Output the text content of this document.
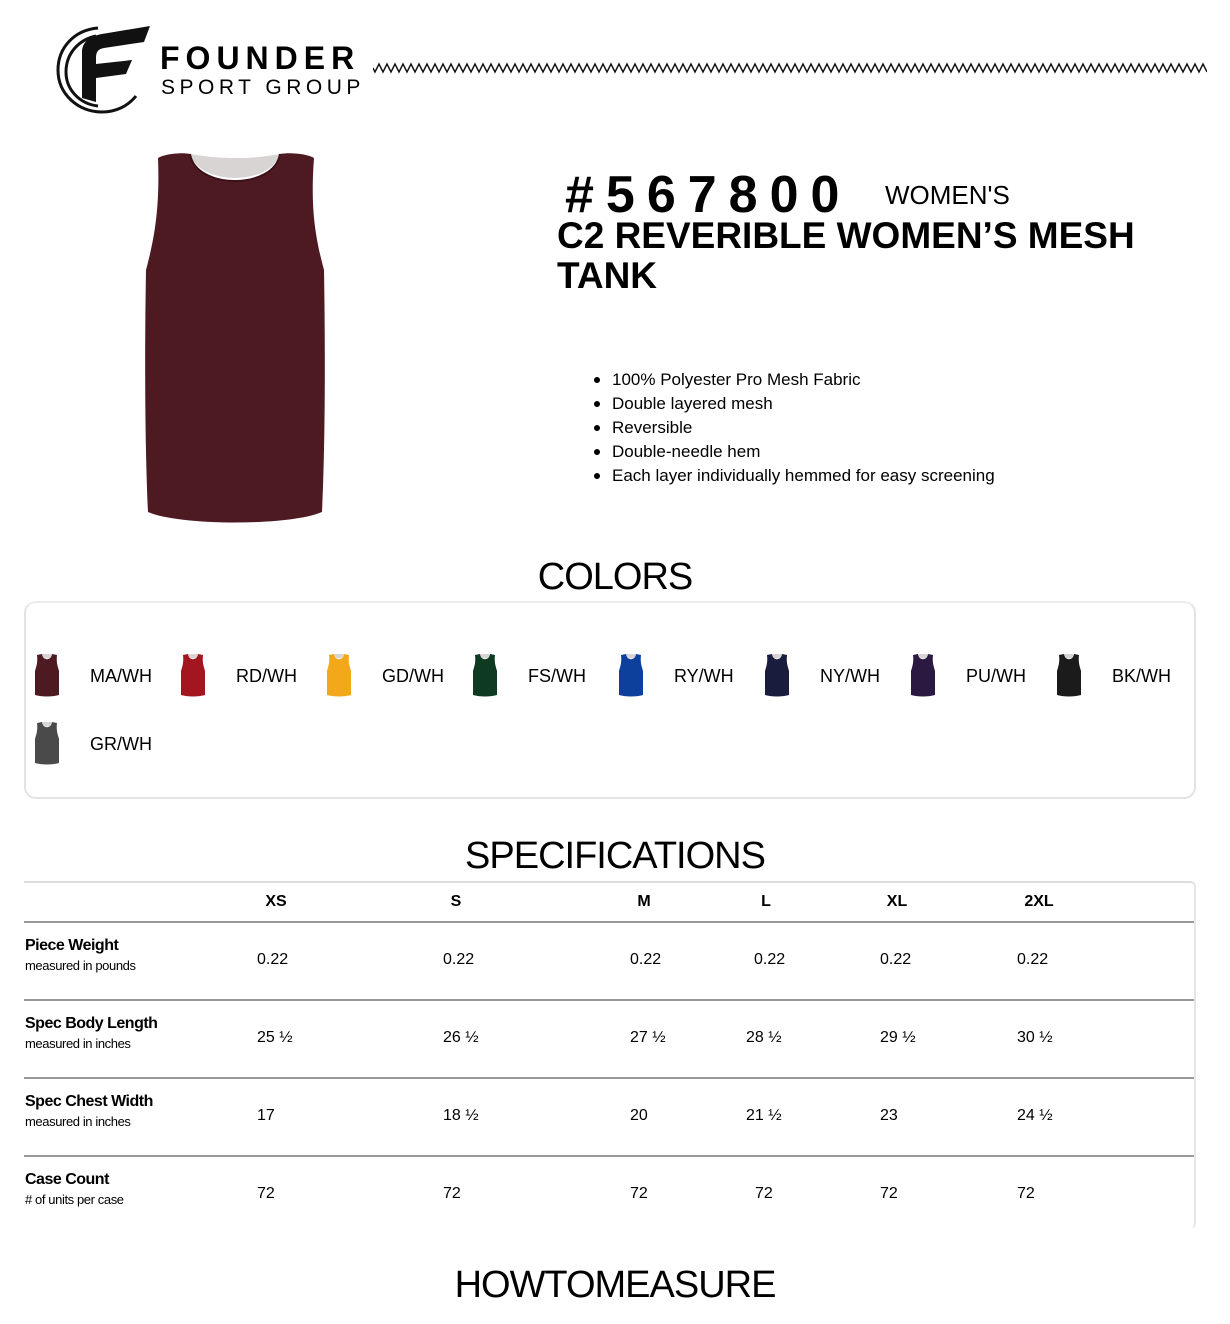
FOUNDER
SPORT GROUP
#567800 WOMEN'S
C2 REVERIBLE WOMEN’S MESH TANK
100% Polyester Pro Mesh Fabric
Double layered mesh
Reversible
Double-needle hem
Each layer individually hemmed for easy screening
COLORS
MA/WH	RD/WH	GD/WH	FS/WH	RY/WH	NY/WH	PU/WH	BK/WH
GR/WH
SPECIFICATIONS
XS	S	M	L	XL	2XL
Piece Weight
measured in pounds	0.22	0.22	0.22	0.22	0.22	0.22
Spec Body Length
measured in inches	25 ½	26 ½	27 ½	28 ½	29 ½	30 ½
Spec Chest Width
measured in inches	17	18 ½	20	21 ½	23	24 ½
Case Count
# of units per case	72	72	72	72	72	72
HOWTOMEASURE
